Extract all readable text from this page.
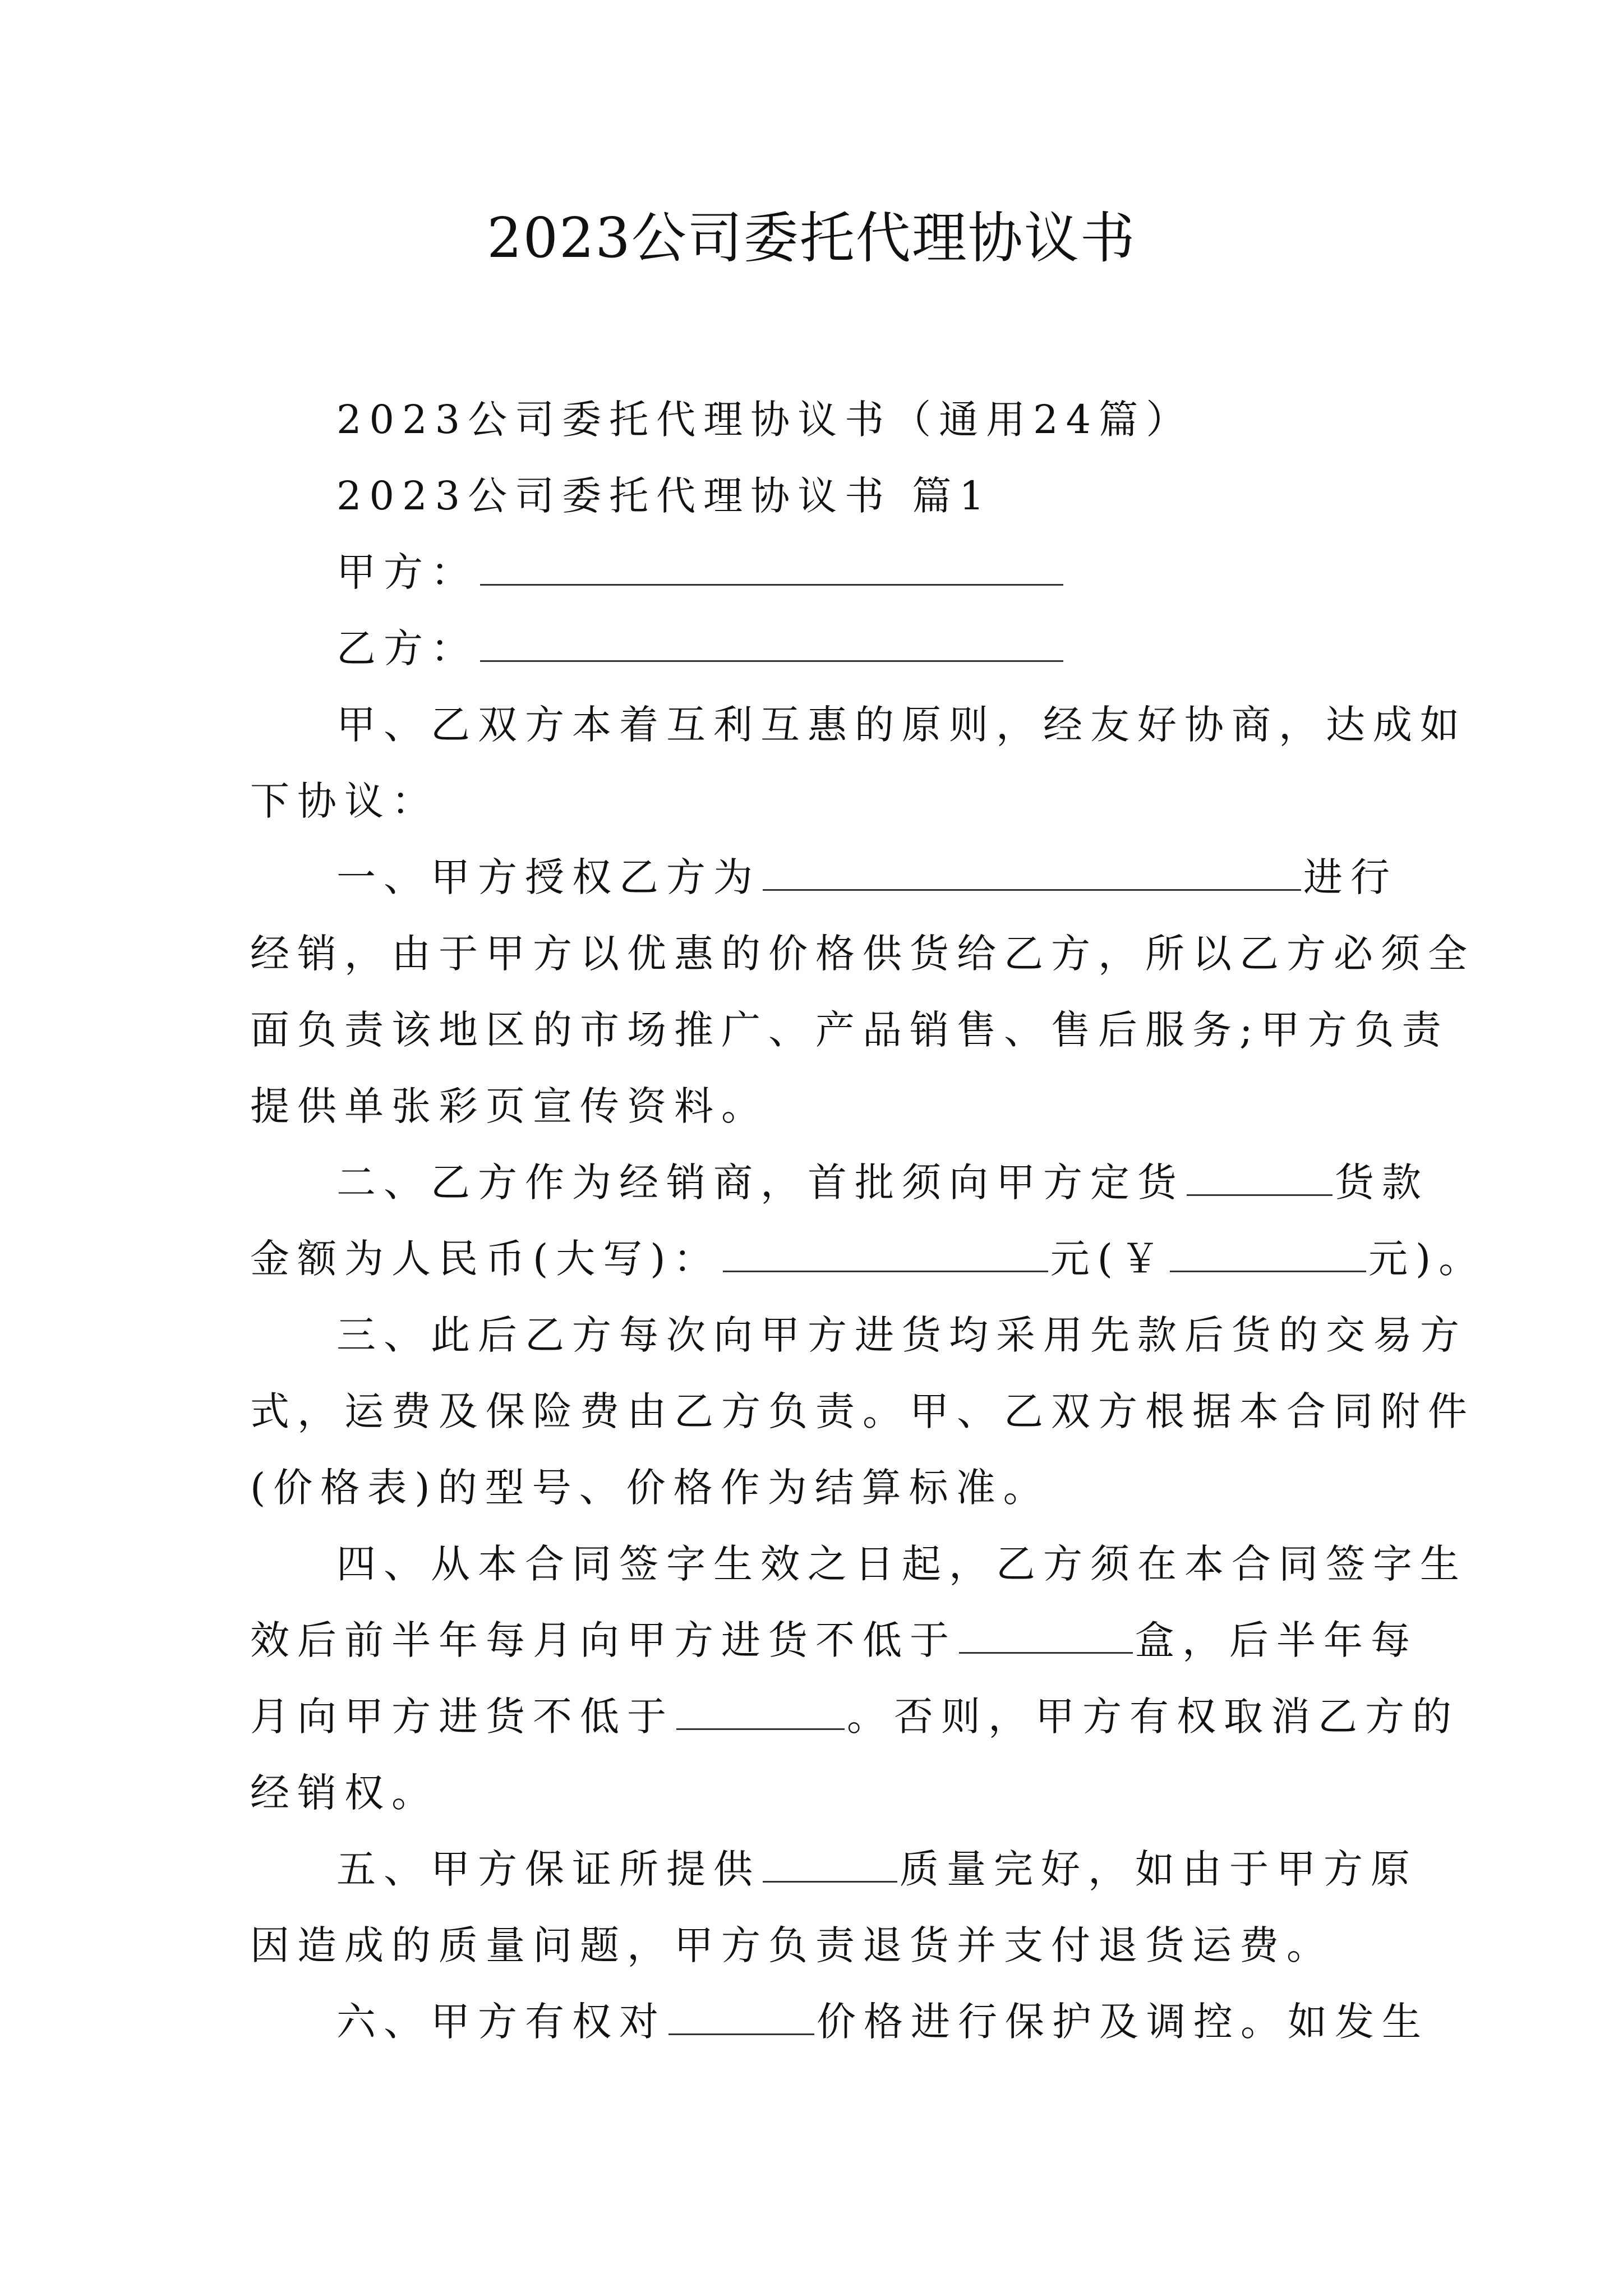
2023公司委托代理协议书
2023公司委托代理协议书（通用24篇）
2023公司委托代理协议书 篇1
甲方：
乙方：
甲、乙双方本着互利互惠的原则，经友好协商，达成如
下协议：
一、甲方授权乙方为	进行
经销，由于甲方以优惠的价格供货给乙方，所以乙方必须全
面负责该地区的市场推广、产品销售、售后服务;甲方负责
提供单张彩页宣传资料。
二、乙方作为经销商，首批须向甲方定货	货款
金额为人民币(大写)：	元(￥	元)。
三、此后乙方每次向甲方进货均采用先款后货的交易方
式，运费及保险费由乙方负责。甲、乙双方根据本合同附件
(价格表)的型号、价格作为结算标准。
四、从本合同签字生效之日起，乙方须在本合同签字生
效后前半年每月向甲方进货不低于	盒，后半年每
月向甲方进货不低于	。否则，甲方有权取消乙方的
经销权。
五、甲方保证所提供	质量完好，如由于甲方原
因造成的质量问题，甲方负责退货并支付退货运费。
六、甲方有权对	价格进行保护及调控。如发生
